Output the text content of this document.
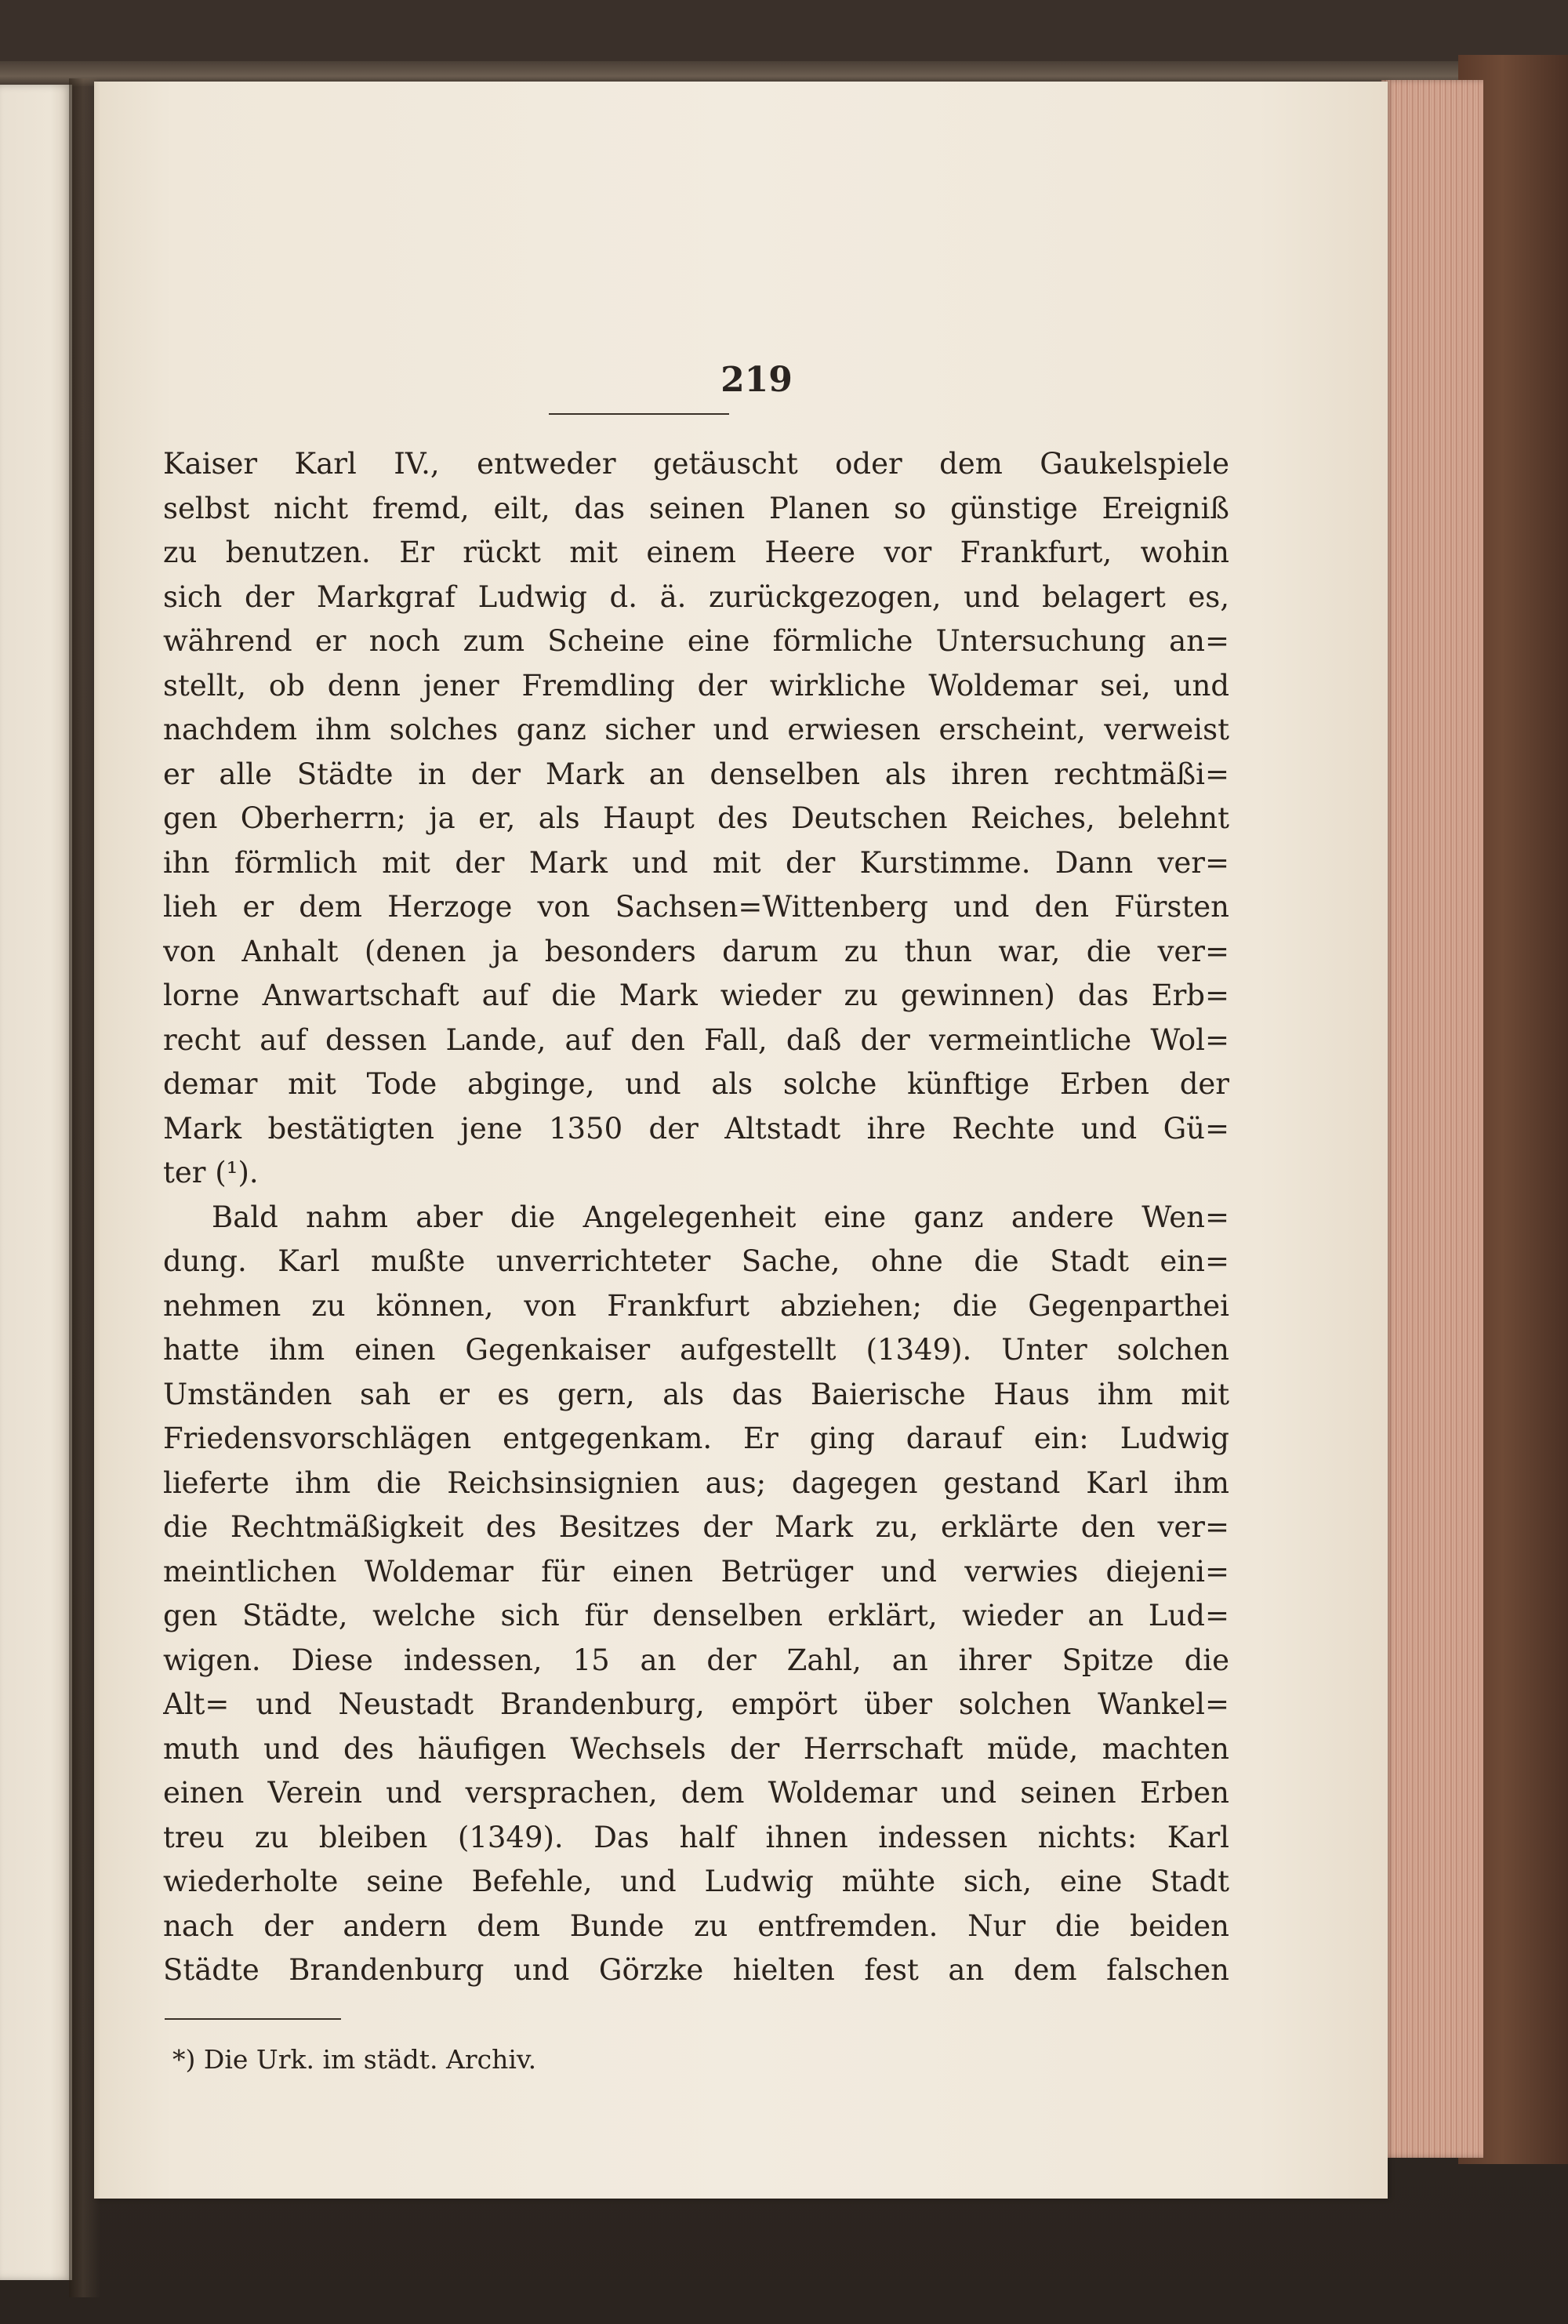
219
Kaiser Karl IV., entweder getäuscht oder dem Gaukelspiele
selbst nicht fremd, eilt, das seinen Planen so günstige Ereigniß
zu benutzen. Er rückt mit einem Heere vor Frankfurt, wohin
sich der Markgraf Ludwig d. ä. zurückgezogen, und belagert es,
während er noch zum Scheine eine förmliche Untersuchung an=
stellt, ob denn jener Fremdling der wirkliche Woldemar sei, und
nachdem ihm solches ganz sicher und erwiesen erscheint, verweist
er alle Städte in der Mark an denselben als ihren rechtmäßi=
gen Oberherrn; ja er, als Haupt des Deutschen Reiches, belehnt
ihn förmlich mit der Mark und mit der Kurstimme. Dann ver=
lieh er dem Herzoge von Sachsen=Wittenberg und den Fürsten
von Anhalt (denen ja besonders darum zu thun war, die ver=
lorne Anwartschaft auf die Mark wieder zu gewinnen) das Erb=
recht auf dessen Lande, auf den Fall, daß der vermeintliche Wol=
demar mit Tode abginge, und als solche künftige Erben der
Mark bestätigten jene 1350 der Altstadt ihre Rechte und Gü=
ter (¹).
Bald nahm aber die Angelegenheit eine ganz andere Wen=
dung. Karl mußte unverrichteter Sache, ohne die Stadt ein=
nehmen zu können, von Frankfurt abziehen; die Gegenparthei
hatte ihm einen Gegenkaiser aufgestellt (1349). Unter solchen
Umständen sah er es gern, als das Baierische Haus ihm mit
Friedensvorschlägen entgegenkam. Er ging darauf ein: Ludwig
lieferte ihm die Reichsinsignien aus; dagegen gestand Karl ihm
die Rechtmäßigkeit des Besitzes der Mark zu, erklärte den ver=
meintlichen Woldemar für einen Betrüger und verwies diejeni=
gen Städte, welche sich für denselben erklärt, wieder an Lud=
wigen. Diese indessen, 15 an der Zahl, an ihrer Spitze die
Alt= und Neustadt Brandenburg, empört über solchen Wankel=
muth und des häufigen Wechsels der Herrschaft müde, machten
einen Verein und versprachen, dem Woldemar und seinen Erben
treu zu bleiben (1349). Das half ihnen indessen nichts: Karl
wiederholte seine Befehle, und Ludwig mühte sich, eine Stadt
nach der andern dem Bunde zu entfremden. Nur die beiden
Städte Brandenburg und Görzke hielten fest an dem falschen
*) Die Urk. im städt. Archiv.
